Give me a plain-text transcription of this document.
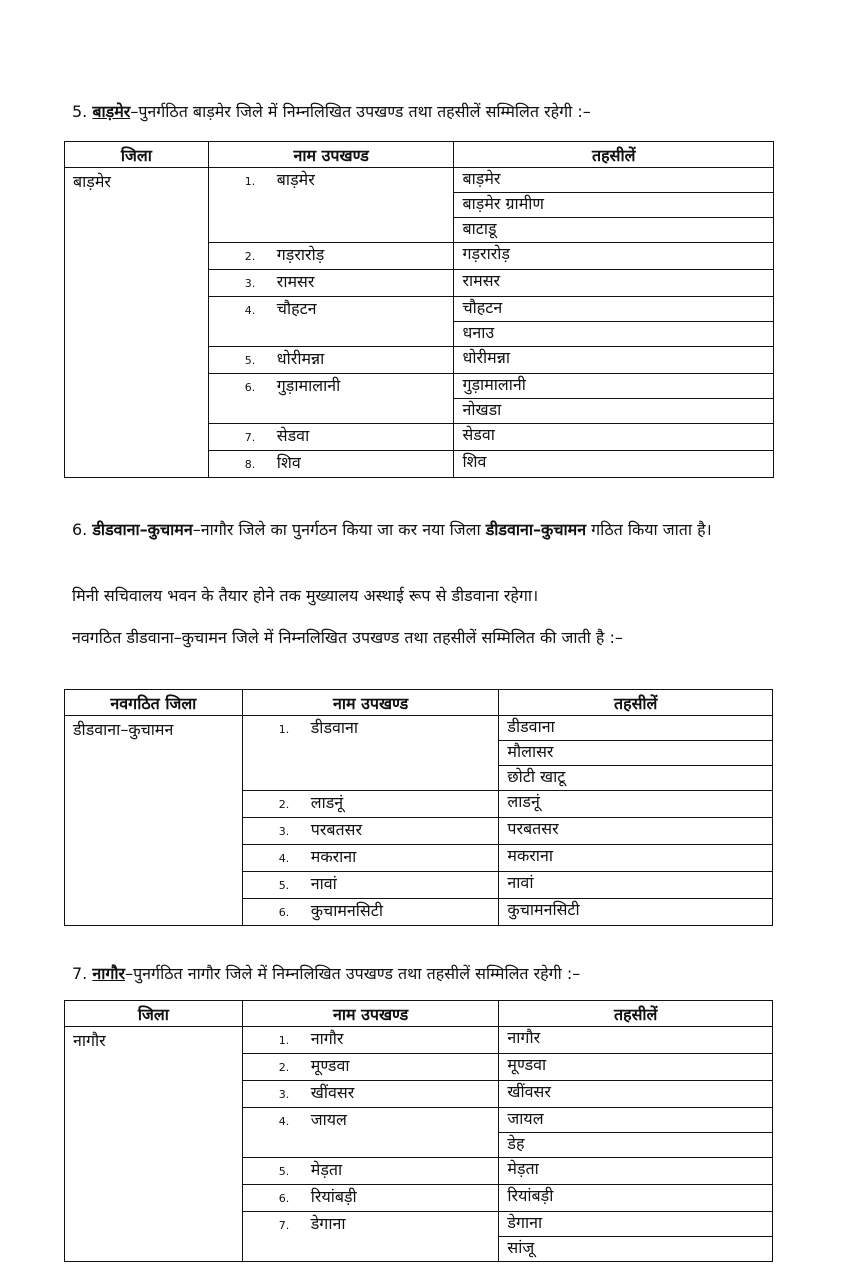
5. बाड़मेर–पुनर्गठित बाड़मेर जिले में निम्नलिखित उपखण्ड तथा तहसीलें सम्मिलित रहेगी :–

जिला	नाम उपखण्ड	तहसीलें
बाड़मेर	1. बाड़मेर	बाड़मेर
		बाड़मेर ग्रामीण
		बाटाडू
	2. गड़रारोड़	गड़रारोड़
	3. रामसर	रामसर
	4. चौहटन	चौहटन
		धनाउ
	5. धोरीमन्ना	धोरीमन्ना
	6. गुड़ामालानी	गुड़ामालानी
		नोखडा
	7. सेडवा	सेडवा
	8. शिव	शिव

6. डीडवाना–कुचामन–नागौर जिले का पुनर्गठन किया जा कर नया जिला डीडवाना–कुचामन गठित किया जाता है।

मिनी सचिवालय भवन के तैयार होने तक मुख्यालय अस्थाई रूप से डीडवाना रहेगा।

नवगठित डीडवाना–कुचामन जिले में निम्नलिखित उपखण्ड तथा तहसीलें सम्मिलित की जाती है :–

नवगठित जिला	नाम उपखण्ड	तहसीलें
डीडवाना–कुचामन	1. डीडवाना	डीडवाना
		मौलासर
		छोटी खाटू
	2. लाडनूं	लाडनूं
	3. परबतसर	परबतसर
	4. मकराना	मकराना
	5. नावां	नावां
	6. कुचामनसिटी	कुचामनसिटी

7. नागौर–पुनर्गठित नागौर जिले में निम्नलिखित उपखण्ड तथा तहसीलें सम्मिलित रहेगी :–

जिला	नाम उपखण्ड	तहसीलें
नागौर	1. नागौर	नागौर
	2. मूण्डवा	मूण्डवा
	3. खींवसर	खींवसर
	4. जायल	जायल
		डेह
	5. मेड़ता	मेड़ता
	6. रियांबड़ी	रियांबड़ी
	7. डेगाना	डेगाना
		सांजू
